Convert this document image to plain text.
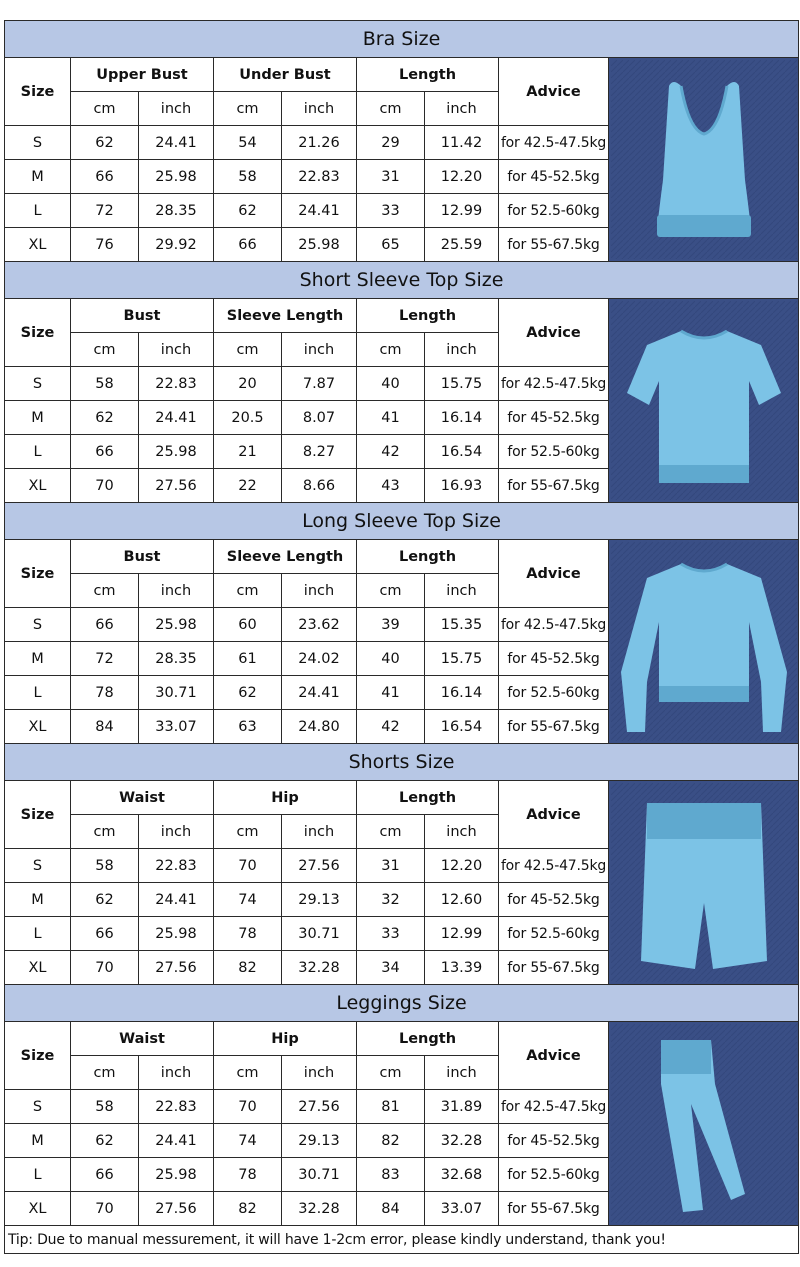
Bra Size								
Size	Upper Bust		Under Bust		Length		Advice	

	cm	inch	cm	inch	cm	inch		
S	62	24.41	54	21.26	29	11.42	for 42.5-47.5kg	
M	66	25.98	58	22.83	31	12.20	for 45-52.5kg	
L	72	28.35	62	24.41	33	12.99	for 52.5-60kg	
XL	76	29.92	66	25.98	65	25.59	for 55-67.5kg	
Short Sleeve Top Size								
Size	Bust		Sleeve Length		Length		Advice	

	cm	inch	cm	inch	cm	inch		
S	58	22.83	20	7.87	40	15.75	for 42.5-47.5kg	
M	62	24.41	20.5	8.07	41	16.14	for 45-52.5kg	
L	66	25.98	21	8.27	42	16.54	for 52.5-60kg	
XL	70	27.56	22	8.66	43	16.93	for 55-67.5kg	
Long Sleeve Top Size								
Size	Bust		Sleeve Length		Length		Advice	

	cm	inch	cm	inch	cm	inch		
S	66	25.98	60	23.62	39	15.35	for 42.5-47.5kg	
M	72	28.35	61	24.02	40	15.75	for 45-52.5kg	
L	78	30.71	62	24.41	41	16.14	for 52.5-60kg	
XL	84	33.07	63	24.80	42	16.54	for 55-67.5kg	
Shorts Size								
Size	Waist		Hip		Length		Advice	

	cm	inch	cm	inch	cm	inch		
S	58	22.83	70	27.56	31	12.20	for 42.5-47.5kg	
M	62	24.41	74	29.13	32	12.60	for 45-52.5kg	
L	66	25.98	78	30.71	33	12.99	for 52.5-60kg	
XL	70	27.56	82	32.28	34	13.39	for 55-67.5kg	
Leggings Size								
Size	Waist		Hip		Length		Advice	

	cm	inch	cm	inch	cm	inch		
S	58	22.83	70	27.56	81	31.89	for 42.5-47.5kg	
M	62	24.41	74	29.13	82	32.28	for 45-52.5kg	
L	66	25.98	78	30.71	83	32.68	for 52.5-60kg	
XL	70	27.56	82	32.28	84	33.07	for 55-67.5kg	
Tip: Due to manual messurement, it will have 1-2cm error, please kindly understand, thank you!								
